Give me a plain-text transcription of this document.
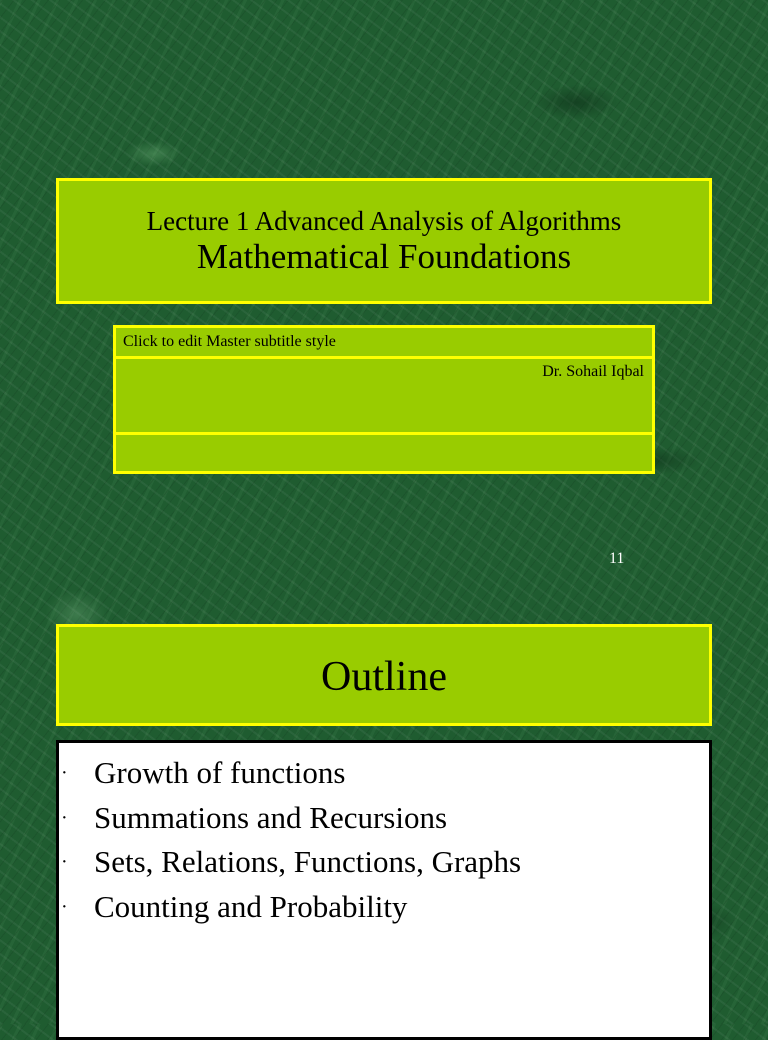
Lecture 1 Advanced Analysis of Algorithms
Mathematical Foundations
Click to edit Master subtitle style
Dr. Sohail Iqbal
11
Outline
· Growth of functions
· Summations and Recursions
· Sets, Relations, Functions, Graphs
· Counting and Probability
